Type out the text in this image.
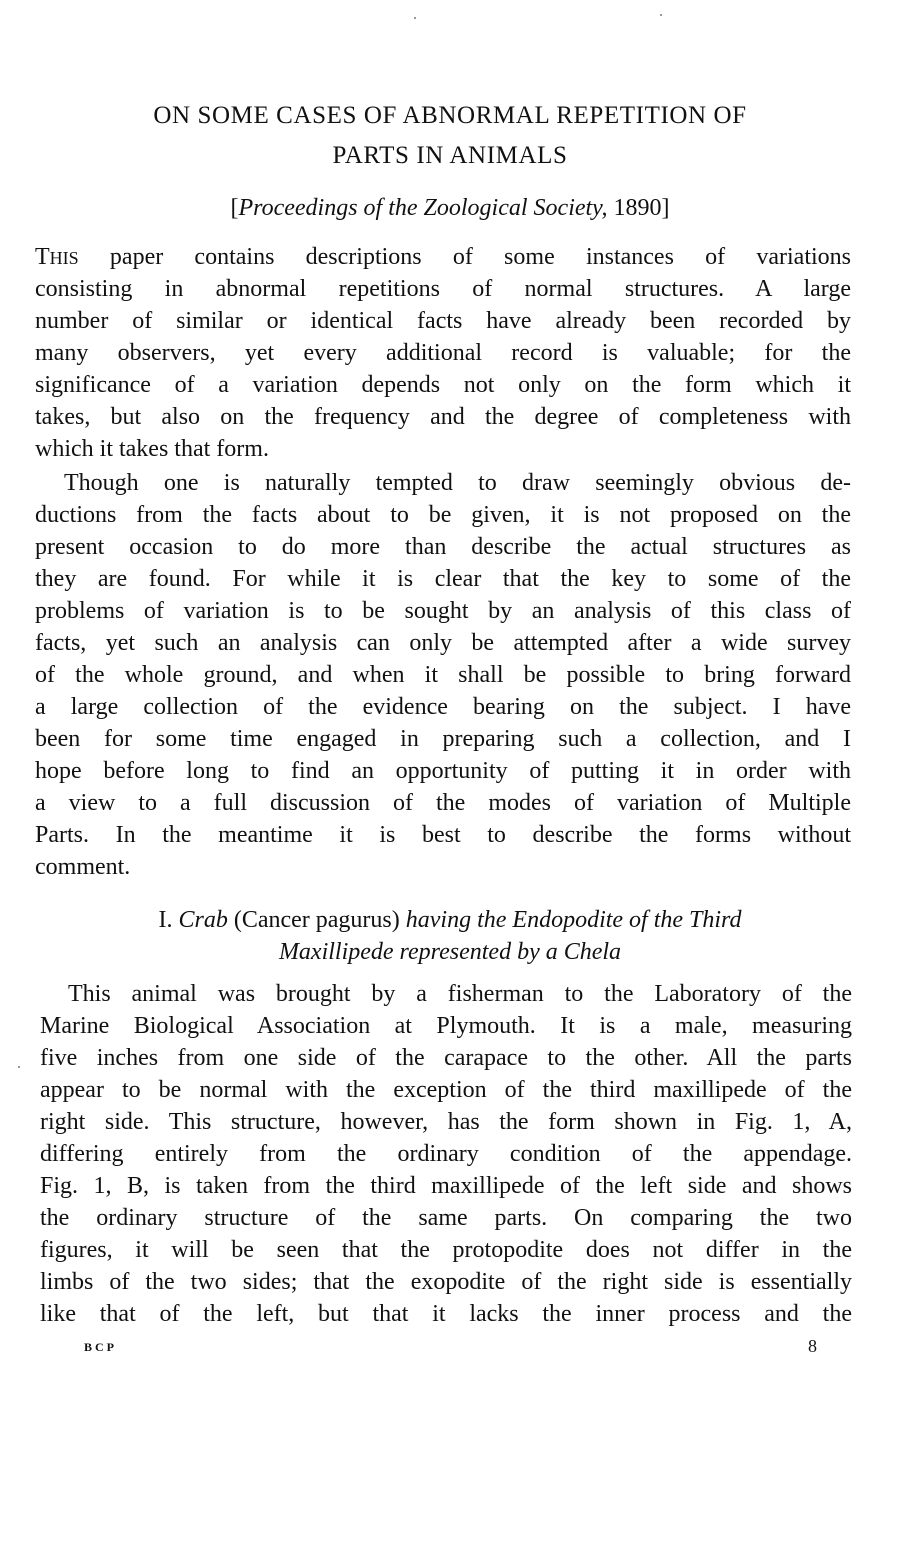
ON SOME CASES OF ABNORMAL REPETITION OF
PARTS IN ANIMALS
[Proceedings of the Zoological Society, 1890]
THIS paper contains descriptions of some instances of variations
consisting in abnormal repetitions of normal structures. A large
number of similar or identical facts have already been recorded by
many observers, yet every additional record is valuable; for the
significance of a variation depends not only on the form which it
takes, but also on the frequency and the degree of completeness with
which it takes that form.
Though one is naturally tempted to draw seemingly obvious de-
ductions from the facts about to be given, it is not proposed on the
present occasion to do more than describe the actual structures as
they are found. For while it is clear that the key to some of the
problems of variation is to be sought by an analysis of this class of
facts, yet such an analysis can only be attempted after a wide survey
of the whole ground, and when it shall be possible to bring forward
a large collection of the evidence bearing on the subject. I have
been for some time engaged in preparing such a collection, and I
hope before long to find an opportunity of putting it in order with
a view to a full discussion of the modes of variation of Multiple
Parts. In the meantime it is best to describe the forms without
comment.
I. Crab (Cancer pagurus) having the Endopodite of the Third
Maxillipede represented by a Chela
This animal was brought by a fisherman to the Laboratory of the
Marine Biological Association at Plymouth. It is a male, measuring
five inches from one side of the carapace to the other. All the parts
appear to be normal with the exception of the third maxillipede of the
right side. This structure, however, has the form shown in Fig. 1, A,
differing entirely from the ordinary condition of the appendage.
Fig. 1, B, is taken from the third maxillipede of the left side and shows
the ordinary structure of the same parts. On comparing the two
figures, it will be seen that the protopodite does not differ in the
limbs of the two sides; that the exopodite of the right side is essentially
like that of the left, but that it lacks the inner process and the
BCP	8
